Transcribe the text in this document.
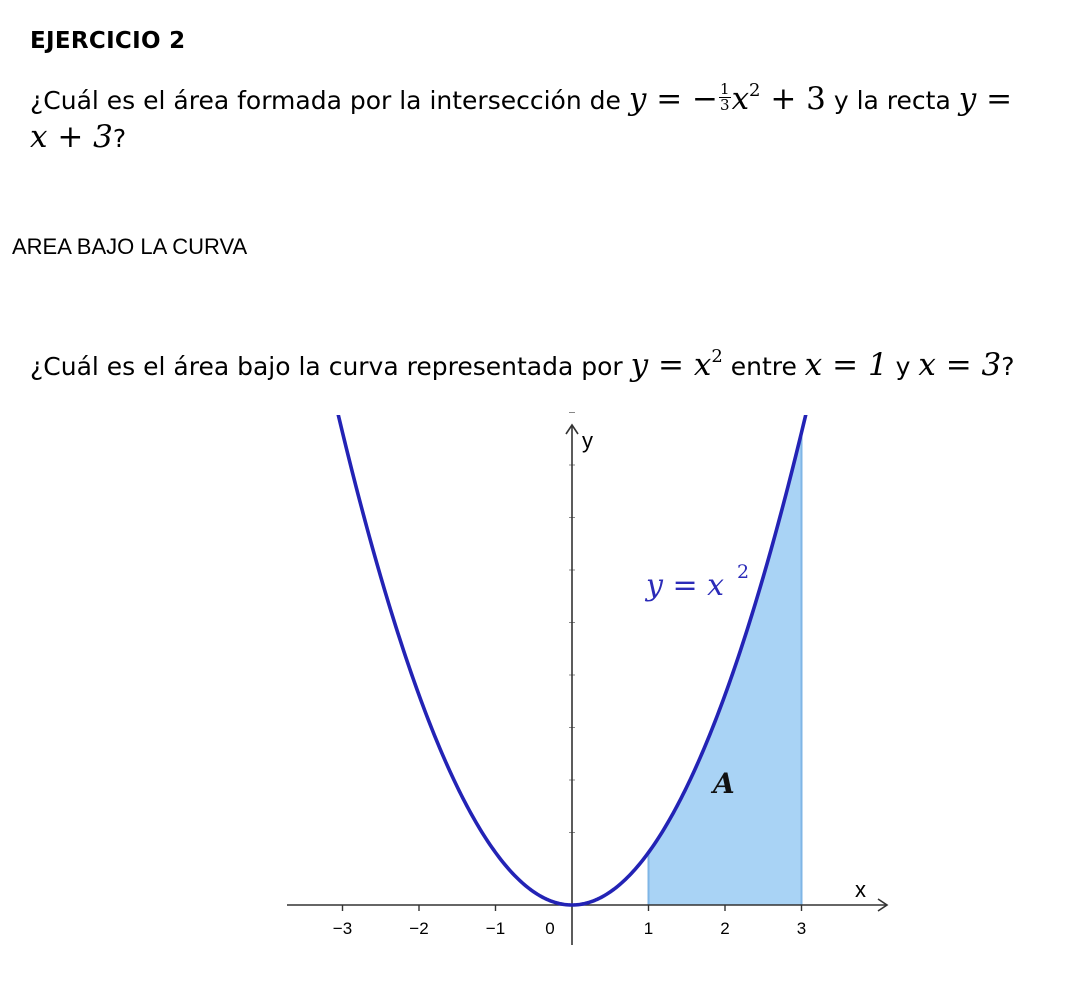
EJERCICIO 2
¿Cuál es el área formada por la intersección de y = − $\frac{1}{3} x^2 + 3$ y la recta y =
x + 3?
AREA BAJO LA CURVA
¿Cuál es el área bajo la curva representada por $y = x^2$ entre x = 1 y x = 3?
−3	−2	−1 0	1	2	3
x
y
y = x 2
A
